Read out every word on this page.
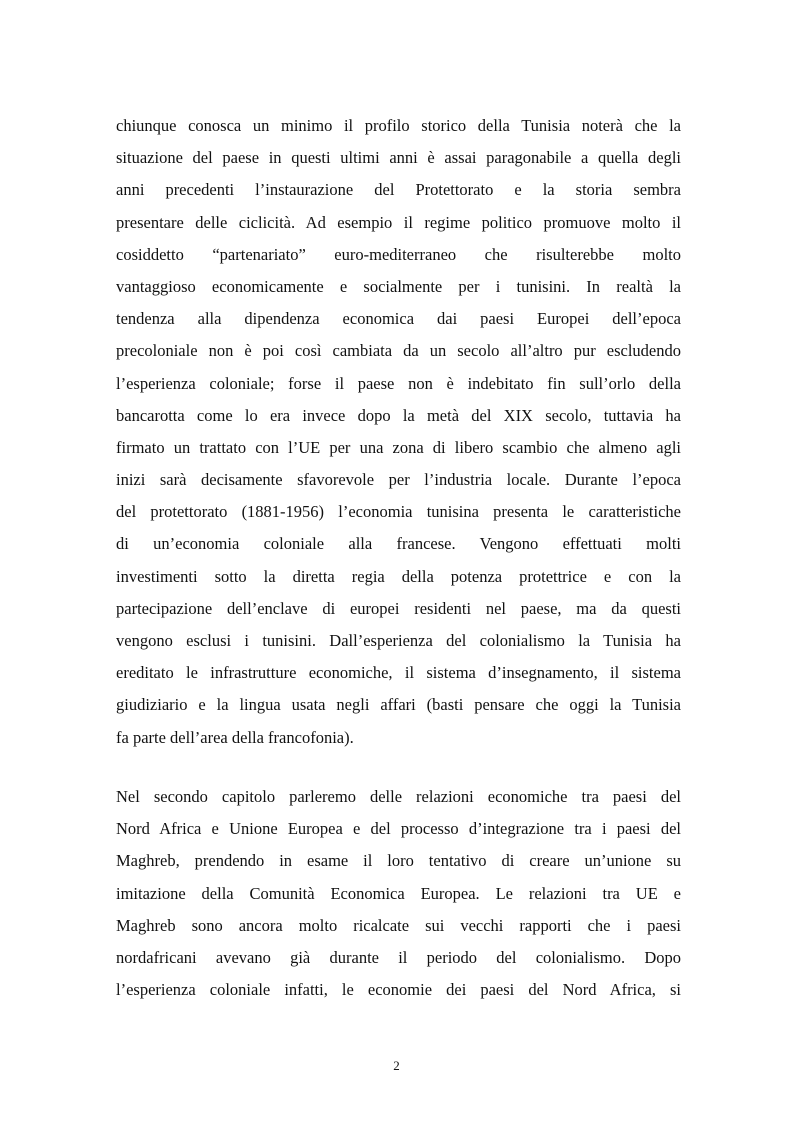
chiunque conosca un minimo il profilo storico della Tunisia noterà che la
situazione del paese in questi ultimi anni è assai paragonabile a quella degli
anni precedenti l’instaurazione del Protettorato e la storia sembra
presentare delle ciclicità. Ad esempio il regime politico promuove molto il
cosiddetto “partenariato” euro-mediterraneo che risulterebbe molto
vantaggioso economicamente e socialmente per i tunisini. In realtà la
tendenza alla dipendenza economica dai paesi Europei dell’epoca
precoloniale non è poi così cambiata da un secolo all’altro pur escludendo
l’esperienza coloniale; forse il paese non è indebitato fin sull’orlo della
bancarotta come lo era invece dopo la metà del XIX secolo, tuttavia ha
firmato un trattato con l’UE per una zona di libero scambio che almeno agli
inizi sarà decisamente sfavorevole per l’industria locale. Durante l’epoca
del protettorato (1881-1956) l’economia tunisina presenta le caratteristiche
di un’economia coloniale alla francese. Vengono effettuati molti
investimenti sotto la diretta regia della potenza protettrice e con la
partecipazione dell’enclave di europei residenti nel paese, ma da questi
vengono esclusi i tunisini. Dall’esperienza del colonialismo la Tunisia ha
ereditato le infrastrutture economiche, il sistema d’insegnamento, il sistema
giudiziario e la lingua usata negli affari (basti pensare che oggi la Tunisia
fa parte dell’area della francofonia).
Nel secondo capitolo parleremo delle relazioni economiche tra paesi del
Nord Africa e Unione Europea e del processo d’integrazione tra i paesi del
Maghreb, prendendo in esame il loro tentativo di creare un’unione su
imitazione della Comunità Economica Europea. Le relazioni tra UE e
Maghreb sono ancora molto ricalcate sui vecchi rapporti che i paesi
nordafricani avevano già durante il periodo del colonialismo. Dopo
l’esperienza coloniale infatti, le economie dei paesi del Nord Africa, si
2
